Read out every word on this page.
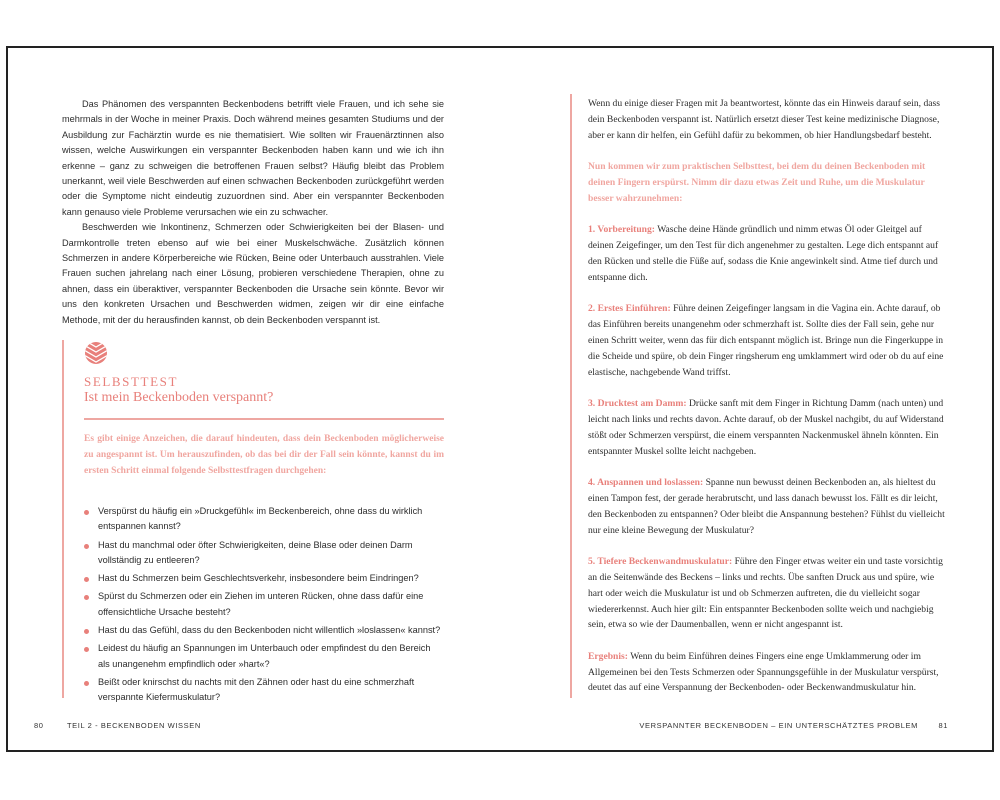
Das Phänomen des verspannten Beckenbodens betrifft viele Frauen, und ich sehe sie mehrmals in der Woche in meiner Praxis. Doch während meines gesamten Studiums und der Ausbildung zur Fachärztin wurde es nie thematisiert. Wie sollten wir Frauenärztinnen also wissen, welche Auswirkungen ein verspannter Beckenboden haben kann und wie ich ihn erkenne – ganz zu schweigen die betroffenen Frauen selbst? Häufig bleibt das Problem unerkannt, weil viele Beschwerden auf einen schwachen Beckenboden zurückgeführt werden oder die Symptome nicht eindeutig zuzuordnen sind. Aber ein verspannter Beckenboden kann genauso viele Probleme verursachen wie ein zu schwacher.

Beschwerden wie Inkontinenz, Schmerzen oder Schwierigkeiten bei der Blasen- und Darmkontrolle treten ebenso auf wie bei einer Muskelschwäche. Zusätzlich können Schmerzen in andere Körperbereiche wie Rücken, Beine oder Unterbauch ausstrahlen. Viele Frauen suchen jahrelang nach einer Lösung, probieren verschiedene Therapien, ohne zu ahnen, dass ein überaktiver, verspannter Beckenboden die Ursache sein könnte. Bevor wir uns den konkreten Ursachen und Beschwerden widmen, zeigen wir dir eine einfache Methode, mit der du herausfinden kannst, ob dein Beckenboden verspannt ist.

SELBSTTEST
Ist mein Beckenboden verspannt?
Es gibt einige Anzeichen, die darauf hindeuten, dass dein Beckenboden möglicherweise zu angespannt ist. Um herauszufinden, ob das bei dir der Fall sein könnte, kannst du im ersten Schritt einmal folgende Selbsttestfragen durchgehen:
Verspürst du häufig ein »Druckgefühl« im Beckenbereich, ohne dass du wirklich entspannen kannst?
Hast du manchmal oder öfter Schwierigkeiten, deine Blase oder deinen Darm vollständig zu entleeren?
Hast du Schmerzen beim Geschlechtsverkehr, insbesondere beim Eindringen?
Spürst du Schmerzen oder ein Ziehen im unteren Rücken, ohne dass dafür eine offensichtliche Ursache besteht?
Hast du das Gefühl, dass du den Beckenboden nicht willentlich »loslassen« kannst?
Leidest du häufig an Spannungen im Unterbauch oder empfindest du den Bereich als unangenehm empfindlich oder »hart«?
Beißt oder knirschst du nachts mit den Zähnen oder hast du eine schmerzhaft verspannte Kiefermuskulatur?
80	TEIL 2 - BECKENBODEN WISSEN

Wenn du einige dieser Fragen mit Ja beantwortest, könnte das ein Hinweis darauf sein, dass dein Beckenboden verspannt ist. Natürlich ersetzt dieser Test keine medizinische Diagnose, aber er kann dir helfen, ein Gefühl dafür zu bekommen, ob hier Handlungsbedarf besteht.

Nun kommen wir zum praktischen Selbsttest, bei dem du deinen Beckenboden mit deinen Fingern erspürst. Nimm dir dazu etwas Zeit und Ruhe, um die Muskulatur besser wahrzunehmen:

1. Vorbereitung: Wasche deine Hände gründlich und nimm etwas Öl oder Gleitgel auf deinen Zeigefinger, um den Test für dich angenehmer zu gestalten. Lege dich entspannt auf den Rücken und stelle die Füße auf, sodass die Knie angewinkelt sind. Atme tief durch und entspanne dich.

2. Erstes Einführen: Führe deinen Zeigefinger langsam in die Vagina ein. Achte darauf, ob das Einführen bereits unangenehm oder schmerzhaft ist. Sollte dies der Fall sein, gehe nur einen Schritt weiter, wenn das für dich entspannt möglich ist. Bringe nun die Fingerkuppe in die Scheide und spüre, ob dein Finger ringsherum eng umklammert wird oder ob du auf eine elastische, nachgebende Wand triffst.

3. Drucktest am Damm: Drücke sanft mit dem Finger in Richtung Damm (nach unten) und leicht nach links und rechts davon. Achte darauf, ob der Muskel nachgibt, du auf Widerstand stößt oder Schmerzen verspürst, die einem verspannten Nackenmuskel ähneln könnten. Ein entspannter Muskel sollte leicht nachgeben.

4. Anspannen und loslassen: Spanne nun bewusst deinen Beckenboden an, als hieltest du einen Tampon fest, der gerade herabrutscht, und lass danach bewusst los. Fällt es dir leicht, den Beckenboden zu entspannen? Oder bleibt die Anspannung bestehen? Fühlst du vielleicht nur eine kleine Bewegung der Muskulatur?

5. Tiefere Beckenwandmuskulatur: Führe den Finger etwas weiter ein und taste vorsichtig an die Seitenwände des Beckens – links und rechts. Übe sanften Druck aus und spüre, wie hart oder weich die Muskulatur ist und ob Schmerzen auftreten, die du vielleicht sogar wiedererkennst. Auch hier gilt: Ein entspannter Beckenboden sollte weich und nachgiebig sein, etwa so wie der Daumenballen, wenn er nicht angespannt ist.

Ergebnis: Wenn du beim Einführen deines Fingers eine enge Umklammerung oder im Allgemeinen bei den Tests Schmerzen oder Spannungsgefühle in der Muskulatur verspürst, deutet das auf eine Verspannung der Beckenboden- oder Beckenwandmuskulatur hin.

VERSPANNTER BECKENBODEN – EIN UNTERSCHÄTZTES PROBLEM	81
